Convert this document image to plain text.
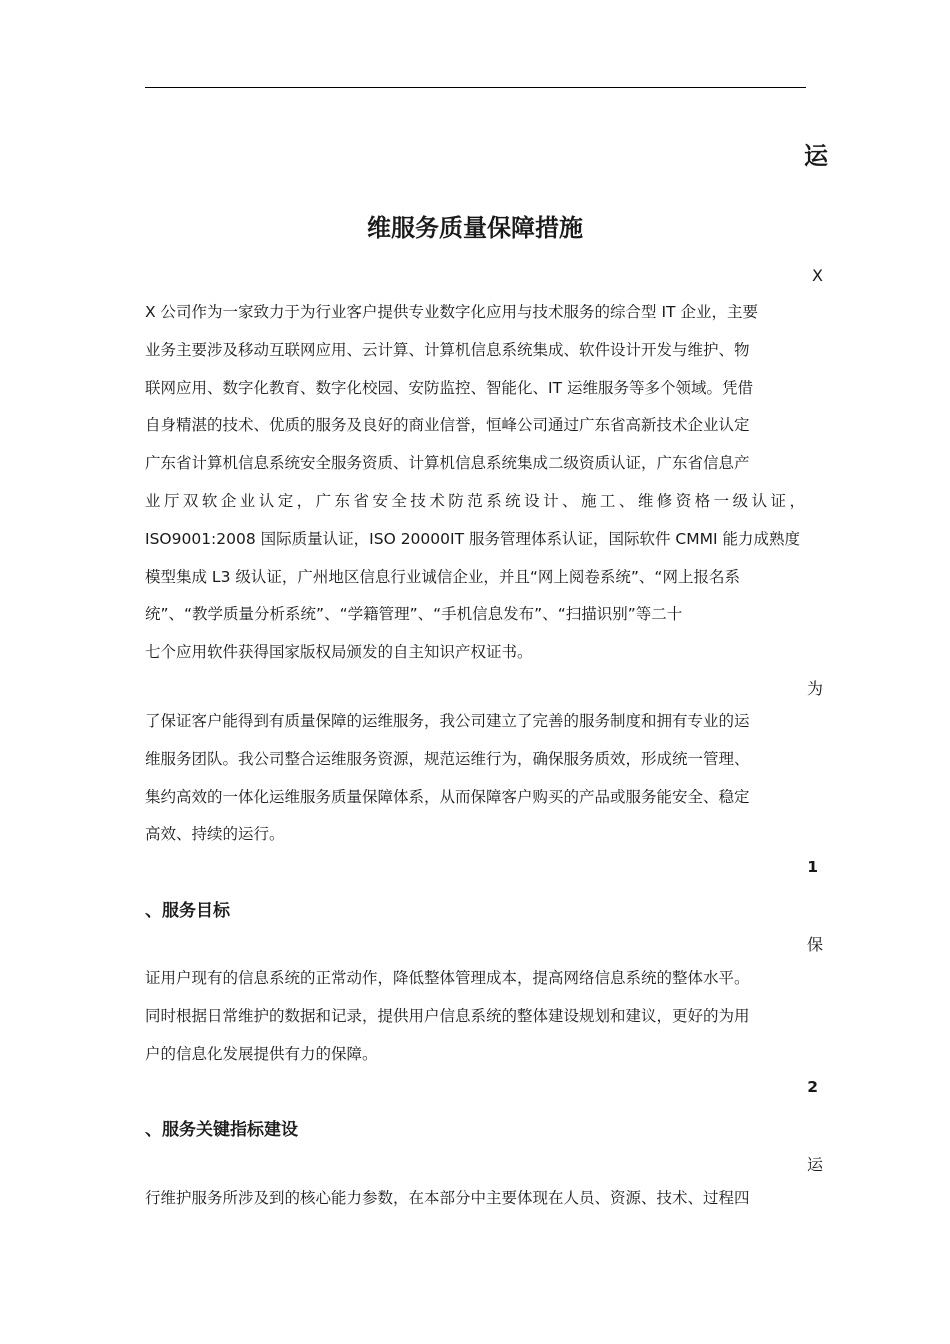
运
维服务质量保障措施
X
X 公司作为一家致力于为行业客户提供专业数字化应用与技术服务的综合型 IT 企业，主要
业务主要涉及移动互联网应用、云计算、计算机信息系统集成、软件设计开发与维护、物
联网应用、数字化教育、数字化校园、安防监控、智能化、IT 运维服务等多个领域。凭借
自身精湛的技术、优质的服务及良好的商业信誉，恒峰公司通过广东省高新技术企业认定
广东省计算机信息系统安全服务资质、计算机信息系统集成二级资质认证，广东省信息产
业厅双软企业认定，广东省安全技术防范系统设计、施工、维修资格一级认证，
ISO9001:2008 国际质量认证，ISO 20000IT 服务管理体系认证，国际软件 CMMI 能力成熟度
模型集成 L3 级认证，广州地区信息行业诚信企业，并且“网上阅卷系统”、“网上报名系
统”、“教学质量分析系统”、“学籍管理”、“手机信息发布”、“扫描识别”等二十
七个应用软件获得国家版权局颁发的自主知识产权证书。
为
了保证客户能得到有质量保障的运维服务，我公司建立了完善的服务制度和拥有专业的运
维服务团队。我公司整合运维服务资源，规范运维行为，确保服务质效，形成统一管理、
集约高效的一体化运维服务质量保障体系，从而保障客户购买的产品或服务能安全、稳定
高效、持续的运行。
1
、服务目标
保
证用户现有的信息系统的正常动作，降低整体管理成本，提高网络信息系统的整体水平。
同时根据日常维护的数据和记录，提供用户信息系统的整体建设规划和建议，更好的为用
户的信息化发展提供有力的保障。
2
、服务关键指标建设
运
行维护服务所涉及到的核心能力参数，在本部分中主要体现在人员、资源、技术、过程四
